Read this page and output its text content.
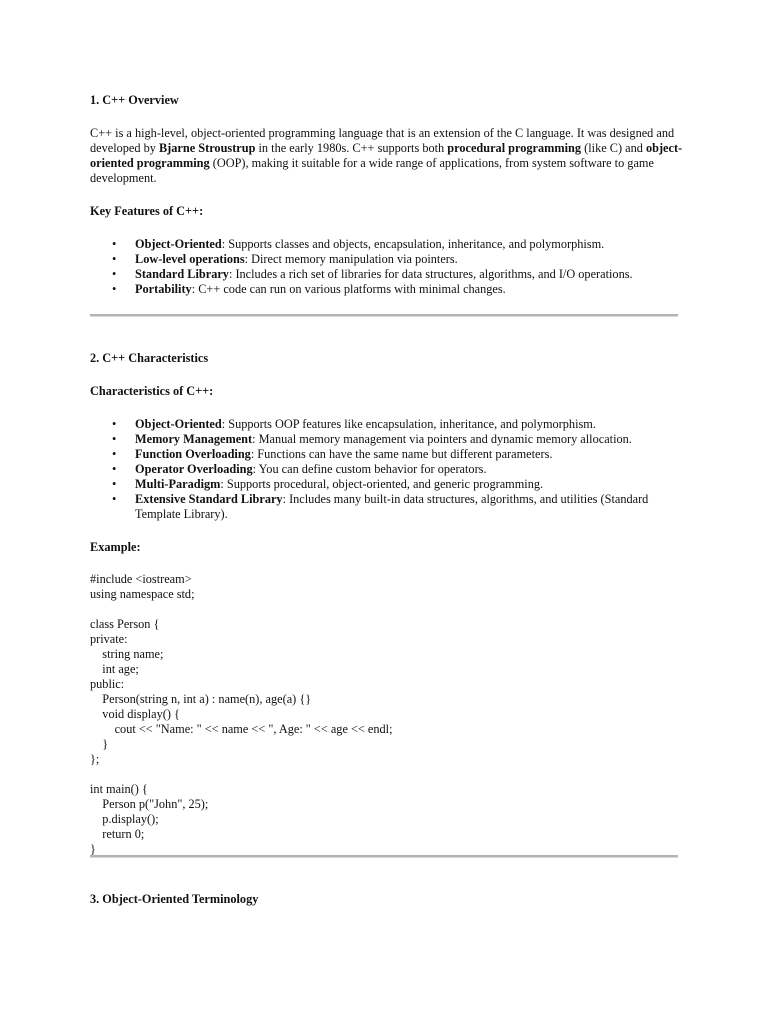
1. C++ Overview

C++ is a high-level, object-oriented programming language that is an extension of the C language. It was designed and developed by Bjarne Stroustrup in the early 1980s. C++ supports both procedural programming (like C) and object-oriented programming (OOP), making it suitable for a wide range of applications, from system software to game development.

Key Features of C++:

• Object-Oriented: Supports classes and objects, encapsulation, inheritance, and polymorphism.
• Low-level operations: Direct memory manipulation via pointers.
• Standard Library: Includes a rich set of libraries for data structures, algorithms, and I/O operations.
• Portability: C++ code can run on various platforms with minimal changes.

2. C++ Characteristics

Characteristics of C++:

• Object-Oriented: Supports OOP features like encapsulation, inheritance, and polymorphism.
• Memory Management: Manual memory management via pointers and dynamic memory allocation.
• Function Overloading: Functions can have the same name but different parameters.
• Operator Overloading: You can define custom behavior for operators.
• Multi-Paradigm: Supports procedural, object-oriented, and generic programming.
• Extensive Standard Library: Includes many built-in data structures, algorithms, and utilities (Standard Template Library).

Example:

#include <iostream>
using namespace std;

class Person {
private:
string name;
int age;
public:
Person(string n, int a) : name(n), age(a) {}
void display() {
cout << "Name: " << name << ", Age: " << age << endl;
}
};

int main() {
Person p("John", 25);
p.display();
return 0;
}

3. Object-Oriented Terminology
